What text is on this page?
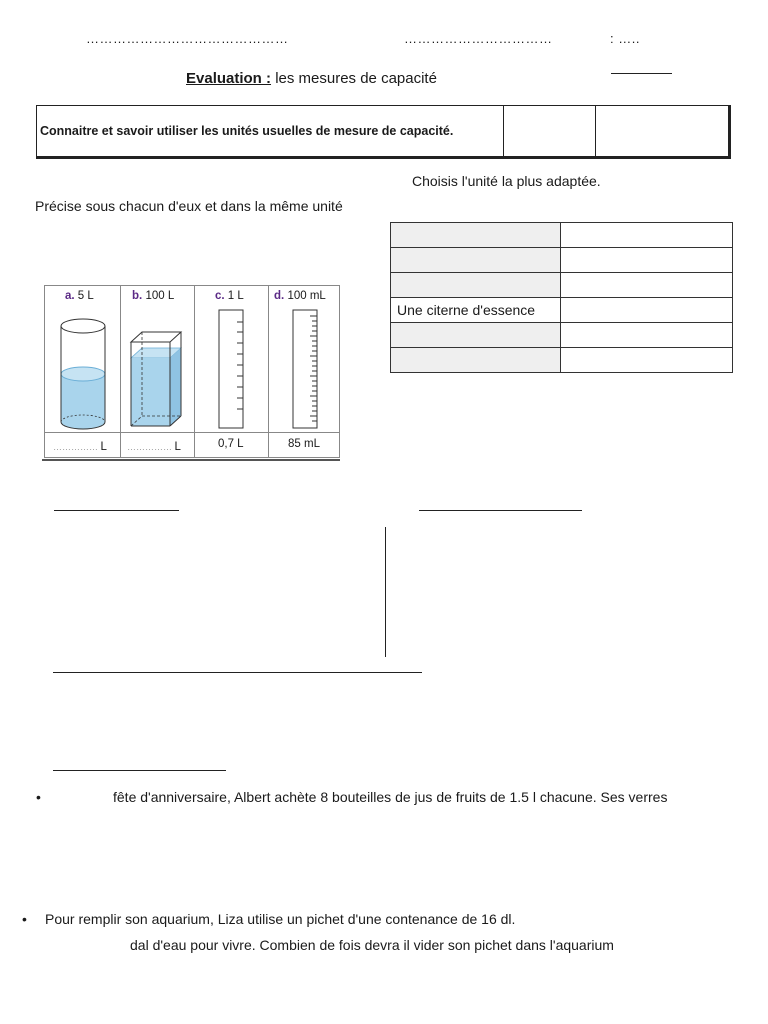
………………………………………	……………………………	: …..
Evaluation : les mesures de capacité
Connaitre et savoir utiliser les unités usuelles de mesure de capacité.
Choisis l'unité la plus adaptée.
Précise sous chacun d'eux et dans la même unité

Une citerne d'essence	

a. 5 L	b. 100 L	c. 1 L	d. 100 mL
…………… L …………… L	0,7 L	85 mL
•	fête d'anniversaire, Albert achète 8 bouteilles de jus de fruits de 1.5 l chacune. Ses verres
• Pour remplir son aquarium, Liza utilise un pichet d'une contenance de 16 dl.
dal d'eau pour vivre. Combien de fois devra il vider son pichet dans l'aquarium
